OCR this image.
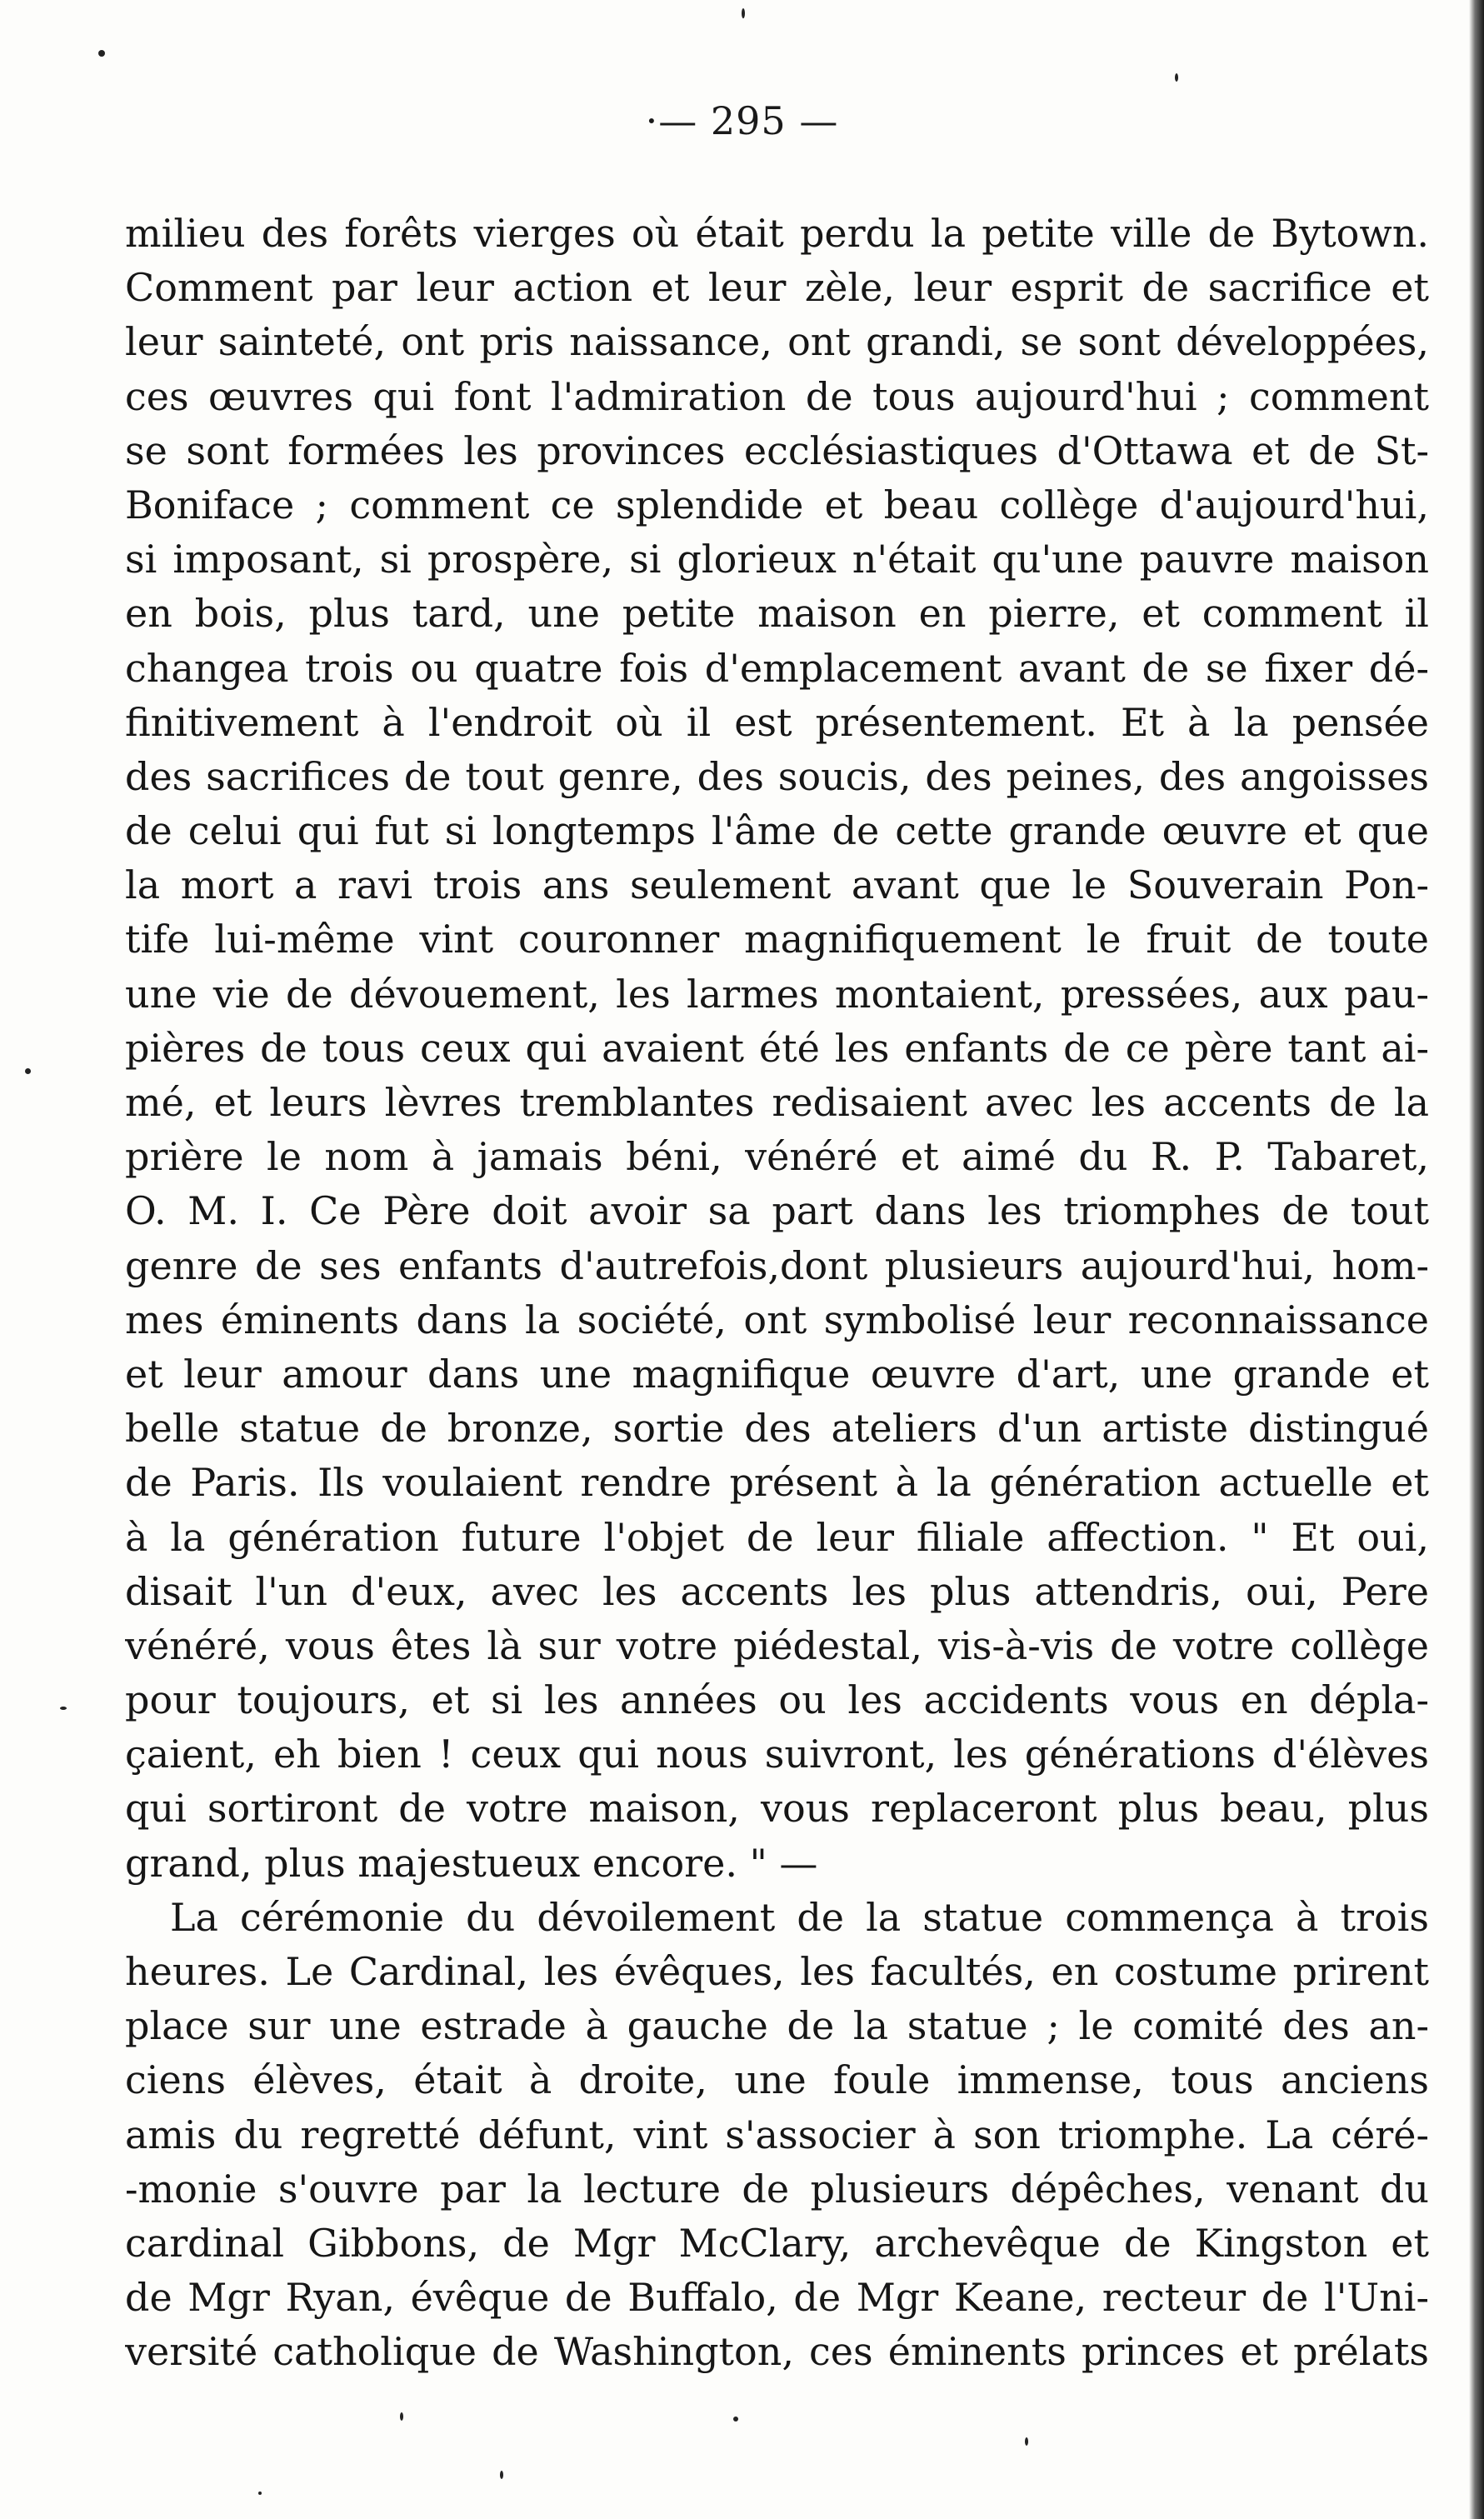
·— 295 —
milieu des forêts vierges où était perdu la petite ville de Bytown.
Comment par leur action et leur zèle, leur esprit de sacrifice et
leur sainteté, ont pris naissance, ont grandi, se sont développées,
ces œuvres qui font l'admiration de tous aujourd'hui ; comment
se sont formées les provinces ecclésiastiques d'Ottawa et de St-
Boniface ; comment ce splendide et beau collège d'aujourd'hui,
si imposant, si prospère, si glorieux n'était qu'une pauvre maison
en bois, plus tard, une petite maison en pierre, et comment il
changea trois ou quatre fois d'emplacement avant de se fixer dé-
finitivement à l'endroit où il est présentement. Et à la pensée
des sacrifices de tout genre, des soucis, des peines, des angoisses
de celui qui fut si longtemps l'âme de cette grande œuvre et que
la mort a ravi trois ans seulement avant que le Souverain Pon-
tife lui-même vint couronner magnifiquement le fruit de toute
une vie de dévouement, les larmes montaient, pressées, aux pau-
pières de tous ceux qui avaient été les enfants de ce père tant ai-
mé, et leurs lèvres tremblantes redisaient avec les accents de la
prière le nom à jamais béni, vénéré et aimé du R. P. Tabaret,
O. M. I. Ce Père doit avoir sa part dans les triomphes de tout
genre de ses enfants d'autrefois,dont plusieurs aujourd'hui, hom-
mes éminents dans la société, ont symbolisé leur reconnaissance
et leur amour dans une magnifique œuvre d'art, une grande et
belle statue de bronze, sortie des ateliers d'un artiste distingué
de Paris. Ils voulaient rendre présent à la génération actuelle et
à la génération future l'objet de leur filiale affection. " Et oui,
disait l'un d'eux, avec les accents les plus attendris, oui, Pere
vénéré, vous êtes là sur votre piédestal, vis-à-vis de votre collège
pour toujours, et si les années ou les accidents vous en dépla-
çaient, eh bien ! ceux qui nous suivront, les générations d'élèves
qui sortiront de votre maison, vous replaceront plus beau, plus
grand, plus majestueux encore. " —
La cérémonie du dévoilement de la statue commença à trois
heures. Le Cardinal, les évêques, les facultés, en costume prirent
place sur une estrade à gauche de la statue ; le comité des an-
ciens élèves, était à droite, une foule immense, tous anciens
amis du regretté défunt, vint s'associer à son triomphe. La céré-
-monie s'ouvre par la lecture de plusieurs dépêches, venant du
cardinal Gibbons, de Mgr McClary, archevêque de Kingston et
de Mgr Ryan, évêque de Buffalo, de Mgr Keane, recteur de l'Uni-
versité catholique de Washington, ces éminents princes et prélats
